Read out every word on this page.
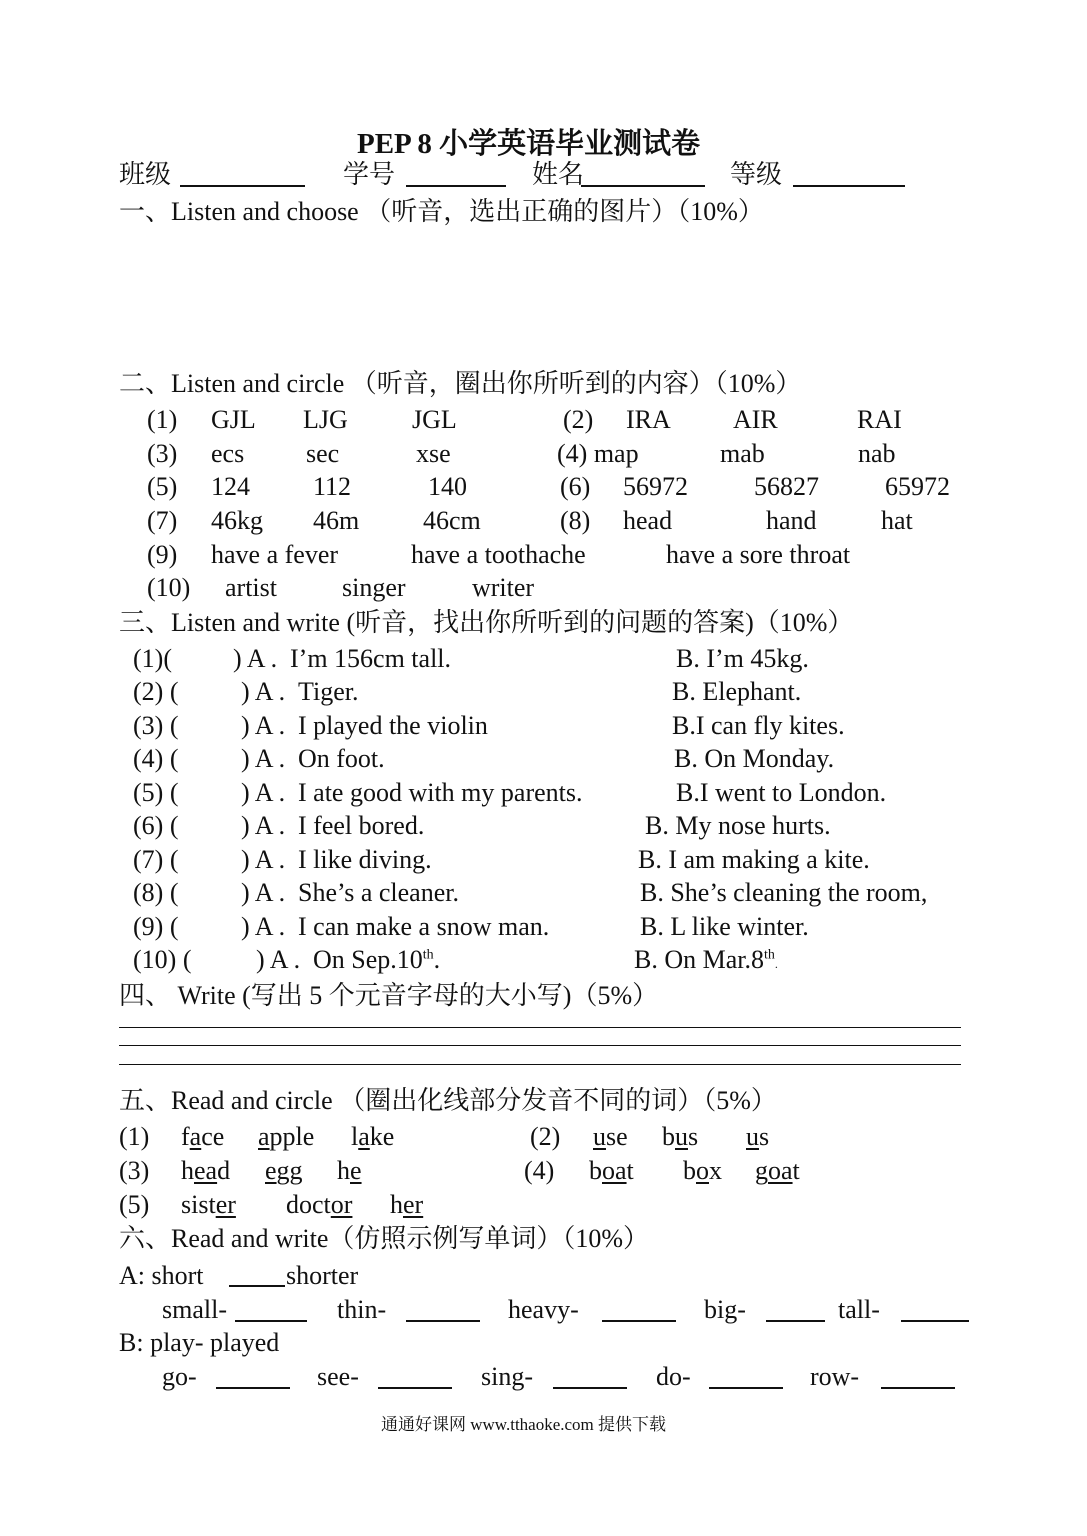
PEP 8 小学英语毕业测试卷
班级	学号	姓名	等级
一、Listen and choose （听音，选出正确的图片）（10%）
二、Listen and circle （听音，圈出你所听到的内容）（10%）
(1) GJL LJG JGL	(2) IRA AIR	RAI
(3) ecs sec	xse	(4) map	mab	nab
(5) 124 112	140	(6) 56972	56827	65972
(7) 46kg 46m 46cm	(8) head	hand hat
(9) have a fever	have a toothache	have a sore throat
(10) artist	singer	writer
三、Listen and write (听音，找出你所听到的问题的答案)（10%）
(1)( ) A . I’m 156cm tall.	B. I’m 45kg.
(2) ( ) A . Tiger.	B. Elephant.
(3) ( ) A . I played the violin	B.I can fly kites.
(4) ( ) A . On foot.	B. On Monday.
(5) ( ) A . I ate good with my parents.	B.I went to London.
(6) ( ) A . I feel bored.	B. My nose hurts.
(7) ( ) A . I like diving.	B. I am making a kite.
(8) ( ) A . She’s a cleaner.	B. She’s cleaning the room,
(9) ( ) A . I can make a snow man.	B. L like winter.
(10) ( ) A . On Sep.10th.	B. On Mar.8th.
四、 Write (写出 5 个元音字母的大小写)（5%）
五、Read and circle （圈出化线部分发音不同的词）（5%）
(1) face apple lake	(2) use bus us
(3) head egg he	(4) boat box goat
(5) sister doctor her
六、Read and write（仿照示例写单词）（10%）
A: short	shorter
small-	thin-	heavy-	big-	tall-
B: play- played
go-	see-	sing-	do-	row-
通通好课网 www.tthaoke.com 提供下载
